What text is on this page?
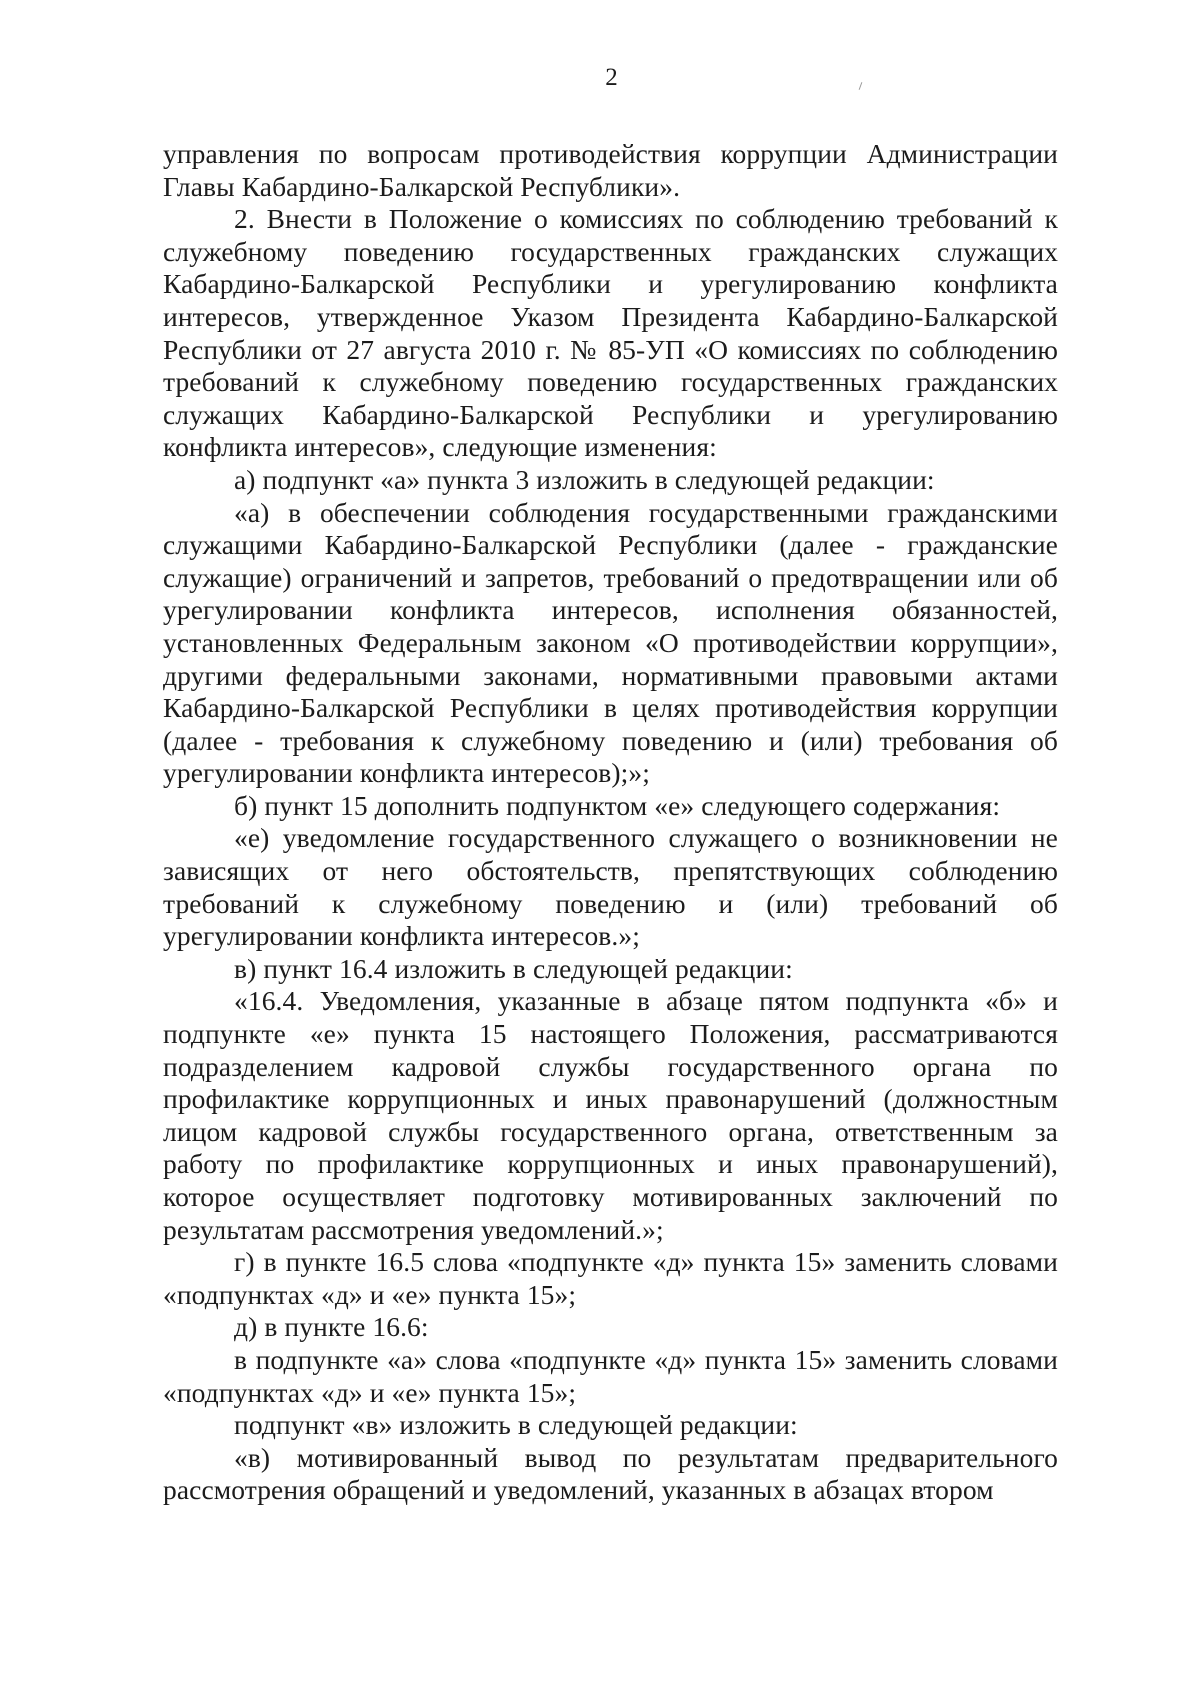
2

управления по вопросам противодействия коррупции Администрации Главы Кабардино-Балкарской Республики».

2. Внести в Положение о комиссиях по соблюдению требований к служебному поведению государственных гражданских служащих Кабардино-Балкарской Республики и урегулированию конфликта интересов, утвержденное Указом Президента Кабардино-Балкарской Республики от 27 августа 2010 г. № 85-УП «О комиссиях по соблюдению требований к служебному поведению государственных гражданских служащих Кабардино-Балкарской Республики и урегулированию конфликта интересов», следующие изменения:

а) подпункт «а» пункта 3 изложить в следующей редакции:

«а) в обеспечении соблюдения государственными гражданскими служащими Кабардино-Балкарской Республики (далее - гражданские служащие) ограничений и запретов, требований о предотвращении или об урегулировании конфликта интересов, исполнения обязанностей, установленных Федеральным законом «О противодействии коррупции», другими федеральными законами, нормативными правовыми актами Кабардино-Балкарской Республики в целях противодействия коррупции (далее - требования к служебному поведению и (или) требования об урегулировании конфликта интересов);»;

б) пункт 15 дополнить подпунктом «е» следующего содержания:

«е) уведомление государственного служащего о возникновении не зависящих от него обстоятельств, препятствующих соблюдению требований к служебному поведению и (или) требований об урегулировании конфликта интересов.»;

в) пункт 16.4 изложить в следующей редакции:

«16.4. Уведомления, указанные в абзаце пятом подпункта «б» и подпункте «е» пункта 15 настоящего Положения, рассматриваются подразделением кадровой службы государственного органа по профилактике коррупционных и иных правонарушений (должностным лицом кадровой службы государственного органа, ответственным за работу по профилактике коррупционных и иных правонарушений), которое осуществляет подготовку мотивированных заключений по результатам рассмотрения уведомлений.»;

г) в пункте 16.5 слова «подпункте «д» пункта 15» заменить словами «подпунктах «д» и «е» пункта 15»;

д) в пункте 16.6:

в подпункте «а» слова «подпункте «д» пункта 15» заменить словами «подпунктах «д» и «е» пункта 15»;

подпункт «в» изложить в следующей редакции:

«в) мотивированный вывод по результатам предварительного рассмотрения обращений и уведомлений, указанных в абзацах втором
